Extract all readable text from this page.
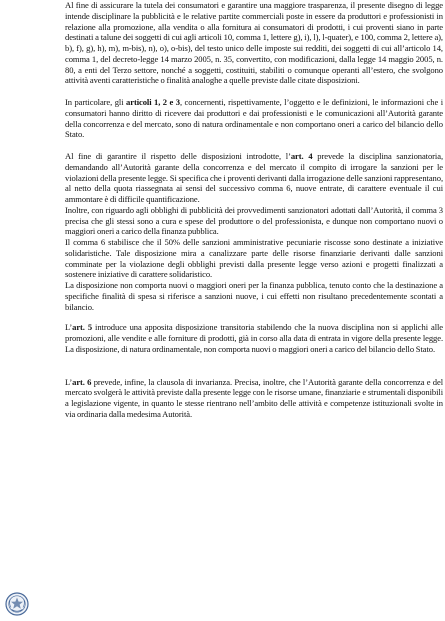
Al fine di assicurare la tutela dei consumatori e garantire una maggiore trasparenza, il presente disegno di legge intende disciplinare la pubblicità e le relative partite commerciali poste in essere da produttori e professionisti in relazione alla promozione, alla vendita o alla fornitura ai consumatori di prodotti, i cui proventi siano in parte destinati a talune dei soggetti di cui agli articoli 10, comma 1, lettere g), i), l), l-quater), e 100, comma 2, lettere a), b), f), g), h), m), m-bis), n), o), o-bis), del testo unico delle imposte sui redditi, dei soggetti di cui all’articolo 14, comma 1, del decreto-legge 14 marzo 2005, n. 35, convertito, con modificazioni, dalla legge 14 maggio 2005, n. 80, a enti del Terzo settore, nonché a soggetti, costituiti, stabiliti o comunque operanti all’estero, che svolgono attività aventi caratteristiche o finalità analoghe a quelle previste dalle citate disposizioni.

In particolare, gli articoli 1, 2 e 3, concernenti, rispettivamente, l’oggetto e le definizioni, le informazioni che i consumatori hanno diritto di ricevere dai produttori e dai professionisti e le comunicazioni all’Autorità garante della concorrenza e del mercato, sono di natura ordinamentale e non comportano oneri a carico del bilancio dello Stato.

Al fine di garantire il rispetto delle disposizioni introdotte, l’art. 4 prevede la disciplina sanzionatoria, demandando all’Autorità garante della concorrenza e del mercato il compito di irrogare la sanzioni per le violazioni della presente legge. Si specifica che i proventi derivanti dalla irrogazione delle sanzioni rappresentano, al netto della quota riassegnata ai sensi del successivo comma 6, nuove entrate, di carattere eventuale il cui ammontare è di difficile quantificazione.

Inoltre, con riguardo agli obblighi di pubblicità dei provvedimenti sanzionatori adottati dall’Autorità, il comma 3 precisa che gli stessi sono a cura e spese del produttore o del professionista, e dunque non comportano nuovi o maggiori oneri a carico della finanza pubblica.

Il comma 6 stabilisce che il 50% delle sanzioni amministrative pecuniarie riscosse sono destinate a iniziative solidaristiche. Tale disposizione mira a canalizzare parte delle risorse finanziarie derivanti dalle sanzioni comminate per la violazione degli obblighi previsti dalla presente legge verso azioni e progetti finalizzati a sostenere iniziative di carattere solidaristico.

La disposizione non comporta nuovi o maggiori oneri per la finanza pubblica, tenuto conto che la destinazione a specifiche finalità di spesa si riferisce a sanzioni nuove, i cui effetti non risultano precedentemente scontati a bilancio.

L’art. 5 introduce una apposita disposizione transitoria stabilendo che la nuova disciplina non si applichi alle promozioni, alle vendite e alle forniture di prodotti, già in corso alla data di entrata in vigore della presente legge. La disposizione, di natura ordinamentale, non comporta nuovi o maggiori oneri a carico del bilancio dello Stato.

L’art. 6 prevede, infine, la clausola di invarianza. Precisa, inoltre, che l’Autorità garante della concorrenza e del mercato svolgerà le attività previste dalla presente legge con le risorse umane, finanziarie e strumentali disponibili a legislazione vigente, in quanto le stesse rientrano nell’ambito delle attività e competenze istituzionali svolte in via ordinaria dalla medesima Autorità.
